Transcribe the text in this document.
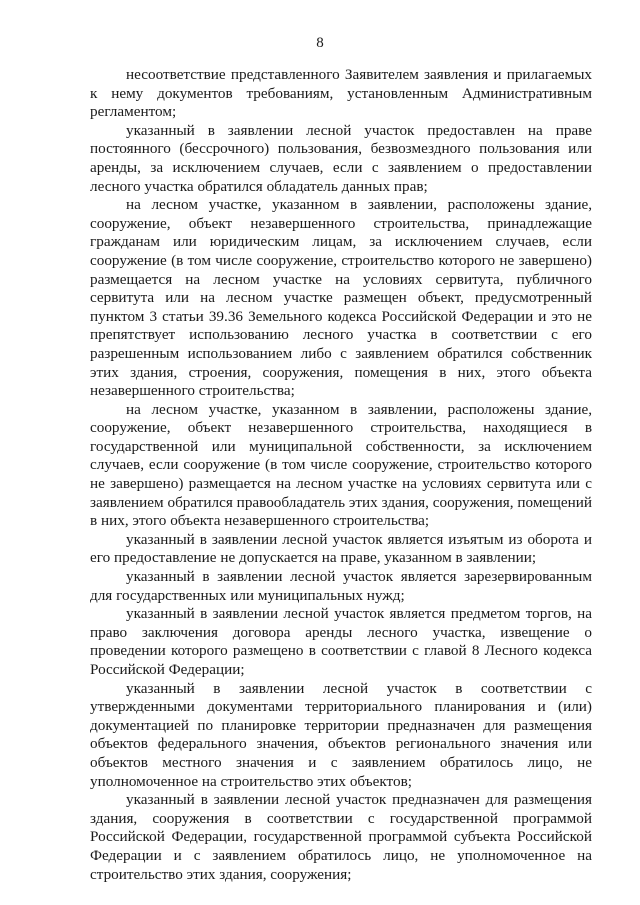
8

несоответствие представленного Заявителем заявления и прилагаемых к нему документов требованиям, установленным Административным регламентом;

указанный в заявлении лесной участок предоставлен на праве постоянного (бессрочного) пользования, безвозмездного пользования или аренды, за исключением случаев, если с заявлением о предоставлении лесного участка обратился обладатель данных прав;

на лесном участке, указанном в заявлении, расположены здание, сооружение, объект незавершенного строительства, принадлежащие гражданам или юридическим лицам, за исключением случаев, если сооружение (в том числе сооружение, строительство которого не завершено) размещается на лесном участке на условиях сервитута, публичного сервитута или на лесном участке размещен объект, предусмотренный пунктом 3 статьи 39.36 Земельного кодекса Российской Федерации и это не препятствует использованию лесного участка в соответствии с его разрешенным использованием либо с заявлением обратился собственник этих здания, строения, сооружения, помещения в них, этого объекта незавершенного строительства;

на лесном участке, указанном в заявлении, расположены здание, сооружение, объект незавершенного строительства, находящиеся в государственной или муниципальной собственности, за исключением случаев, если сооружение (в том числе сооружение, строительство которого не завершено) размещается на лесном участке на условиях сервитута или с заявлением обратился правообладатель этих здания, сооружения, помещений в них, этого объекта незавершенного строительства;

указанный в заявлении лесной участок является изъятым из оборота и его предоставление не допускается на праве, указанном в заявлении;

указанный в заявлении лесной участок является зарезервированным для государственных или муниципальных нужд;

указанный в заявлении лесной участок является предметом торгов, на право заключения договора аренды лесного участка, извещение о проведении которого размещено в соответствии с главой 8 Лесного кодекса Российской Федерации;

указанный в заявлении лесной участок в соответствии с утвержденными документами территориального планирования и (или) документацией по планировке территории предназначен для размещения объектов федерального значения, объектов регионального значения или объектов местного значения и с заявлением обратилось лицо, не уполномоченное на строительство этих объектов;

указанный в заявлении лесной участок предназначен для размещения здания, сооружения в соответствии с государственной программой Российской Федерации, государственной программой субъекта Российской Федерации и с заявлением обратилось лицо, не уполномоченное на строительство этих здания, сооружения;
